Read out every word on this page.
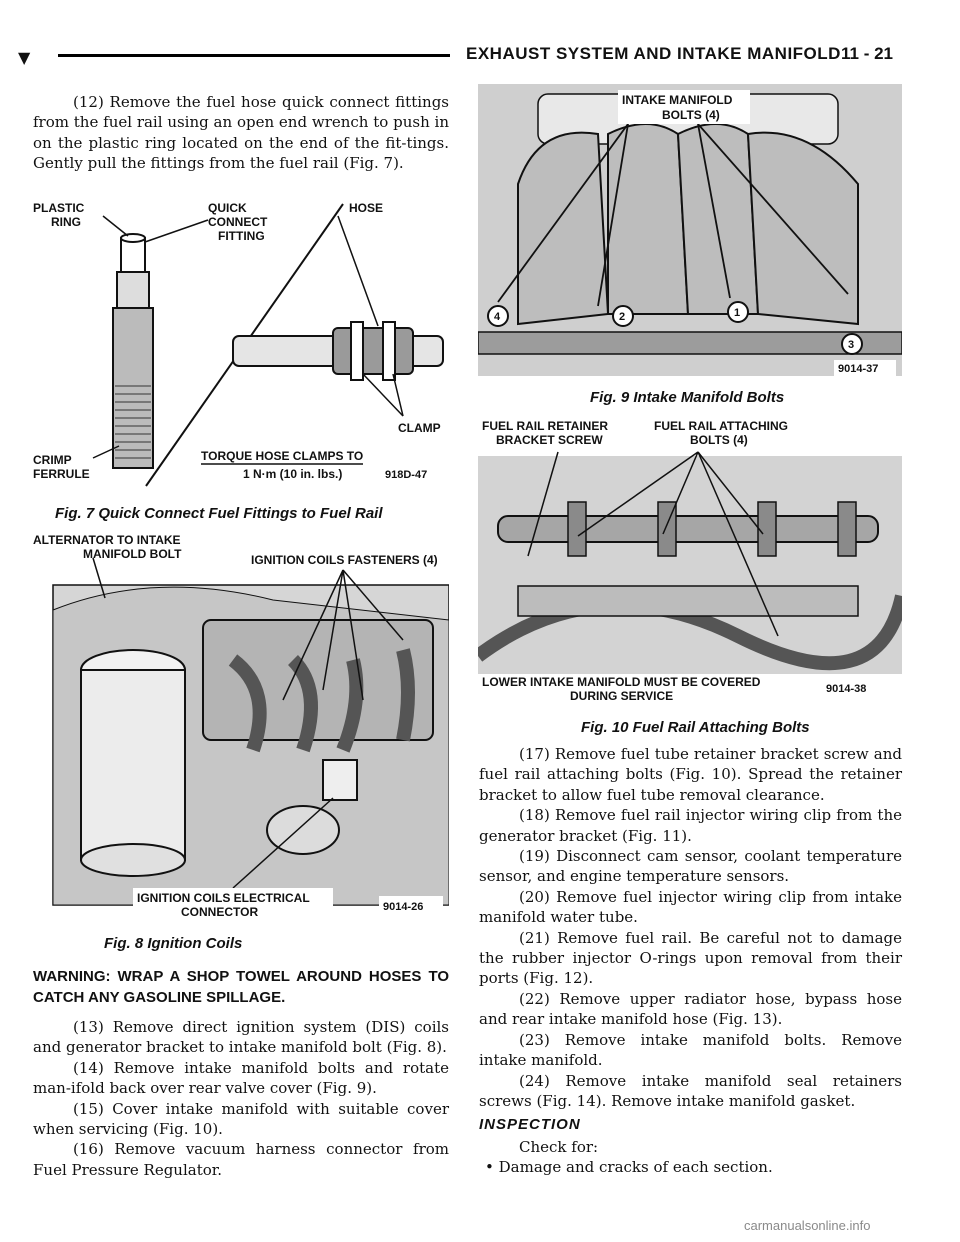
▼	EXHAUST SYSTEM AND INTAKE MANIFOLD 11 - 21

(12) Remove the fuel hose quick connect fittings from the fuel rail using an open end wrench to push in on the plastic ring located on the end of the fit-tings. Gently pull the fittings from the fuel rail (Fig. 7).

PLASTIC
RING
QUICK
CONNECT
FITTING
HOSE
CLAMP
CRIMP
FERRULE
TORQUE HOSE CLAMPS TO
1 N·m (10 in. lbs.)	918D-47
Fig. 7 Quick Connect Fuel Fittings to Fuel Rail
ALTERNATOR TO INTAKE
MANIFOLD BOLT	IGNITION COILS FASTENERS (4)
IGNITION COILS ELECTRICAL
CONNECTOR	9014-26
Fig. 8 Ignition Coils
WARNING: WRAP A SHOP TOWEL AROUND HOSES TO CATCH ANY GASOLINE SPILLAGE.

(13) Remove direct ignition system (DIS) coils and generator bracket to intake manifold bolt (Fig. 8).

(14) Remove intake manifold bolts and rotate man-ifold back over rear valve cover (Fig. 9).

(15) Cover intake manifold with suitable cover when servicing (Fig. 10).

(16) Remove vacuum harness connector from Fuel Pressure Regulator.

4	2	1
3
INTAKE MANIFOLD
BOLTS (4)
9014-37
Fig. 9 Intake Manifold Bolts
FUEL RAIL RETAINER
BRACKET SCREW
FUEL RAIL ATTACHING
BOLTS (4)
LOWER INTAKE MANIFOLD MUST BE COVERED
DURING SERVICE	9014-38
Fig. 10 Fuel Rail Attaching Bolts

(17) Remove fuel tube retainer bracket screw and fuel rail attaching bolts (Fig. 10). Spread the retainer bracket to allow fuel tube removal clearance.

(18) Remove fuel rail injector wiring clip from the generator bracket (Fig. 11).

(19) Disconnect cam sensor, coolant temperature sensor, and engine temperature sensors.

(20) Remove fuel injector wiring clip from intake manifold water tube.

(21) Remove fuel rail. Be careful not to damage the rubber injector O-rings upon removal from their ports (Fig. 12).

(22) Remove upper radiator hose, bypass hose and rear intake manifold hose (Fig. 13).

(23) Remove intake manifold bolts. Remove intake manifold.

(24) Remove intake manifold seal retainers screws (Fig. 14). Remove intake manifold gasket.

INSPECTION

Check for:

• Damage and cracks of each section.

carmanualsonline.info
